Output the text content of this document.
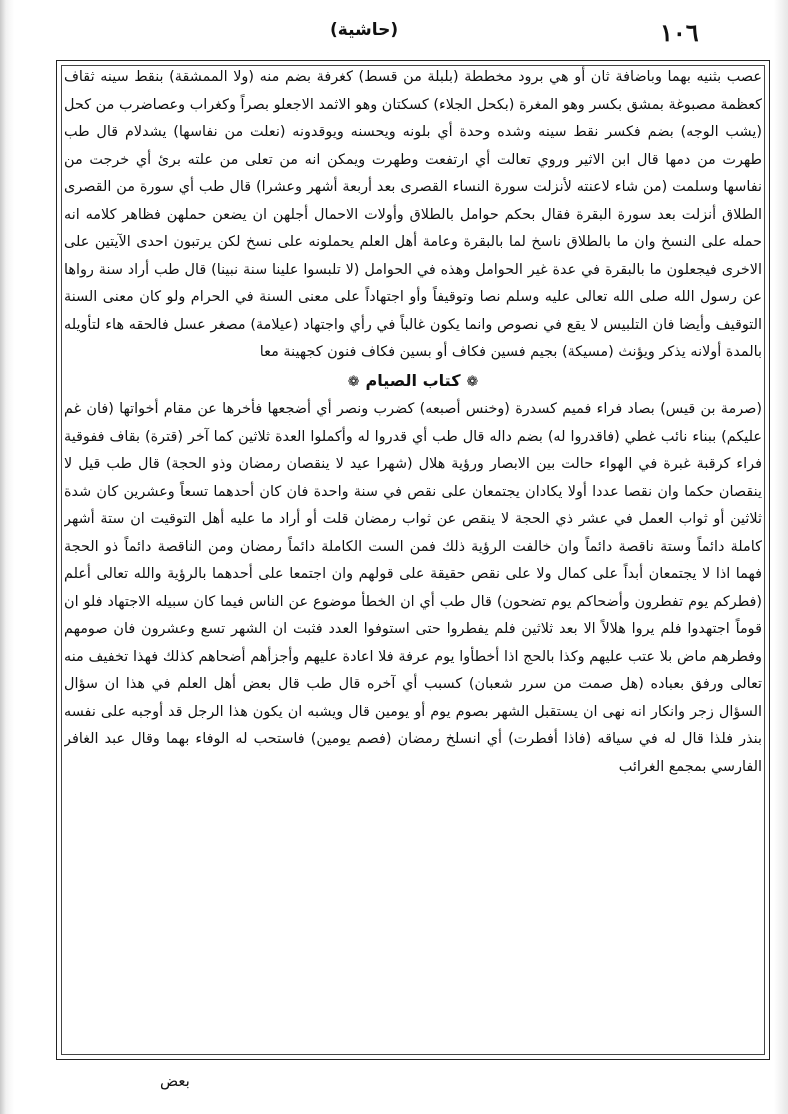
(حاشية)	١٠٦

عصب بثنيه بهما وباضافة ثان أو هي برود مخططة (بلبلة من قسط) كغرفة بضم منه (ولا الممشقة) بنقط سينه ثقاف كعظمة مصبوغة بمشق بكسر وهو المغرة (بكحل الجلاء) كسكتان وهو الاثمد الاجعلو بصراً وكغراب وعصاضرب من كحل (يشب الوجه) بضم فكسر نقط سينه وشده وحدة أي بلونه ويحسنه ويوقدونه (نعلت من نفاسها) يشدلام قال طب طهرت من دمها قال ابن الاثير وروي تعالت أي ارتفعت وطهرت ويمكن انه من تعلى من علته برئ أي خرجت من نفاسها وسلمت (من شاء لاعنته لأنزلت سورة النساء القصرى بعد أربعة أشهر وعشرا) قال طب أي سورة من القصرى الطلاق أنزلت بعد سورة البقرة فقال بحكم حوامل بالطلاق وأولات الاحمال أجلهن ان يضعن حملهن فظاهر كلامه انه حمله على النسخ وان ما بالطلاق ناسخ لما بالبقرة وعامة أهل العلم يحملونه على نسخ لكن يرتبون احدى الآيتين على الاخرى فيجعلون ما بالبقرة في عدة غير الحوامل وهذه في الحوامل (لا تلبسوا علينا سنة نبينا) قال طب أراد سنة رواها عن رسول الله صلى الله تعالى عليه وسلم نصا وتوقيفاً وأو اجتهاداً على معنى السنة في الحرام ولو كان معنى السنة التوقيف وأيضا فان التلبيس لا يقع في نصوص وانما يكون غالباً في رأي واجتهاد (عيلامة) مصغر عسل فالحقه هاء لتأويله بالمدة أولانه يذكر ويؤنث (مسيكة) بجيم فسين فكاف أو بسين فكاف فنون كجهينة معا

❁كتاب الصيام❁

(صرمة بن قيس) بصاد فراء فميم كسدرة (وخنس أصبعه) كضرب ونصر أي أضجعها فأخرها عن مقام أخواتها (فان غم عليكم) ببناء نائب غطي (فاقدروا له) بضم داله قال طب أي قدروا له وأكملوا العدة ثلاثين كما آخر (قترة) بقاف ففوقية فراء كرقبة غبرة في الهواء حالت بين الابصار ورؤية هلال (شهرا عيد لا ينقصان رمضان وذو الحجة) قال طب قيل لا ينقصان حكما وان نقصا عددا أولا يكادان يجتمعان على نقص في سنة واحدة فان كان أحدهما تسعاً وعشرين كان شدة ثلاثين أو ثواب العمل في عشر ذي الحجة لا ينقص عن ثواب رمضان قلت أو أراد ما عليه أهل التوقيت ان ستة أشهر كاملة دائماً وستة ناقصة دائماً وان خالفت الرؤية ذلك فمن الست الكاملة دائماً رمضان ومن الناقصة دائماً ذو الحجة فهما اذا لا يجتمعان أبداً على كمال ولا على نقص حقيقة على قولهم وان اجتمعا على أحدهما بالرؤية والله تعالى أعلم (فطركم يوم تفطرون وأضحاكم يوم تضحون) قال طب أي ان الخطأ موضوع عن الناس فيما كان سبيله الاجتهاد فلو ان قوماً اجتهدوا فلم يروا هلالاً الا بعد ثلاثين فلم يفطروا حتى استوفوا العدد فثبت ان الشهر تسع وعشرون فان صومهم وفطرهم ماض بلا عتب عليهم وكذا بالحج اذا أخطأوا يوم عرفة فلا اعادة عليهم وأجزأهم أضحاهم كذلك فهذا تخفيف منه تعالى ورفق بعباده (هل صمت من سرر شعبان) كسبب أي آخره قال طب قال بعض أهل العلم في هذا ان سؤال السؤال زجر وانكار انه نهى ان يستقبل الشهر بصوم يوم أو يومين قال ويشبه ان يكون هذا الرجل قد أوجبه على نفسه بنذر فلذا قال له في سياقه (فاذا أفطرت) أي انسلخ رمضان (فصم يومين) فاستحب له الوفاء بهما وقال عبد الغافر الفارسي بمجمع الغرائب

بعض
